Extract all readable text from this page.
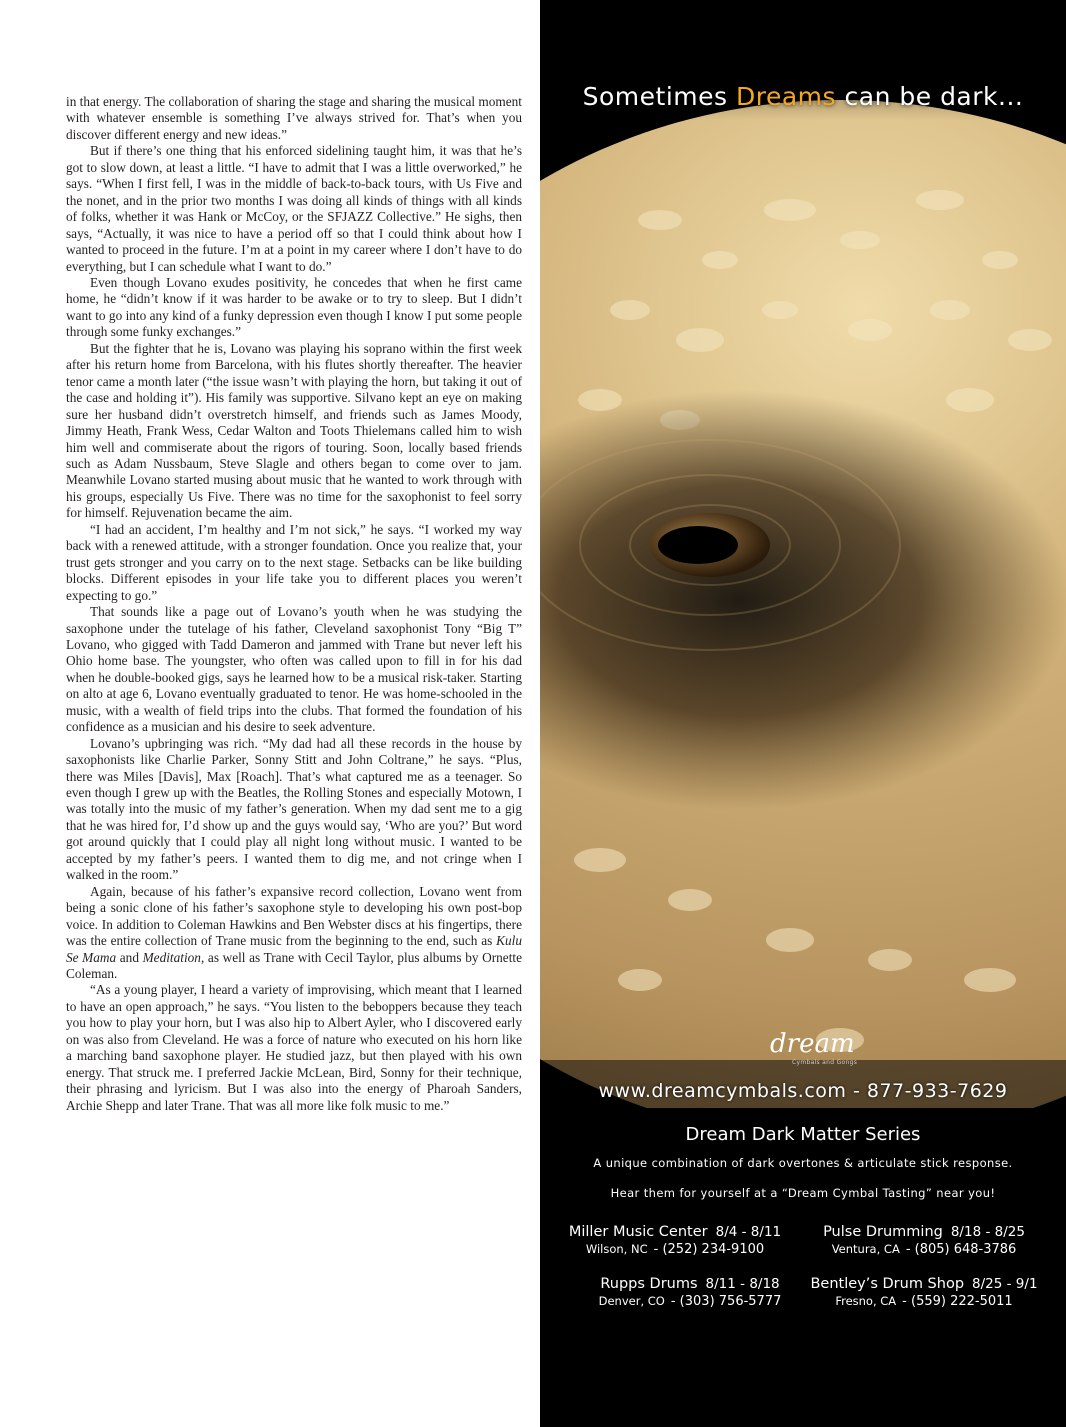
in that energy. The collaboration of sharing the stage and sharing the musical moment with whatever ensemble is something I’ve always strived for. That’s when you discover different energy and new ideas.”

But if there’s one thing that his enforced sidelining taught him, it was that he’s got to slow down, at least a little. “I have to admit that I was a little overworked,” he says. “When I first fell, I was in the middle of back-to-back tours, with Us Five and the nonet, and in the prior two months I was doing all kinds of things with all kinds of folks, whether it was Hank or McCoy, or the SFJAZZ Collective.” He sighs, then says, “Actually, it was nice to have a period off so that I could think about how I wanted to proceed in the future. I’m at a point in my career where I don’t have to do everything, but I can schedule what I want to do.”

Even though Lovano exudes positivity, he concedes that when he first came home, he “didn’t know if it was harder to be awake or to try to sleep. But I didn’t want to go into any kind of a funky depression even though I know I put some people through some funky exchanges.”

But the fighter that he is, Lovano was playing his soprano within the first week after his return home from Barcelona, with his flutes shortly thereafter. The heavier tenor came a month later (“the issue wasn’t with playing the horn, but taking it out of the case and holding it”). His family was supportive. Silvano kept an eye on making sure her husband didn’t overstretch himself, and friends such as James Moody, Jimmy Heath, Frank Wess, Cedar Walton and Toots Thielemans called him to wish him well and commiserate about the rigors of touring. Soon, locally based friends such as Adam Nussbaum, Steve Slagle and others began to come over to jam. Meanwhile Lovano started musing about music that he wanted to work through with his groups, especially Us Five. There was no time for the saxophonist to feel sorry for himself. Rejuvenation became the aim.

“I had an accident, I’m healthy and I’m not sick,” he says. “I worked my way back with a renewed attitude, with a stronger foundation. Once you realize that, your trust gets stronger and you carry on to the next stage. Setbacks can be like building blocks. Different episodes in your life take you to different places you weren’t expecting to go.”

That sounds like a page out of Lovano’s youth when he was studying the saxophone under the tutelage of his father, Cleveland saxophonist Tony “Big T” Lovano, who gigged with Tadd Dameron and jammed with Trane but never left his Ohio home base. The youngster, who often was called upon to fill in for his dad when he double-booked gigs, says he learned how to be a musical risk-taker. Starting on alto at age 6, Lovano eventually graduated to tenor. He was home-schooled in the music, with a wealth of field trips into the clubs. That formed the foundation of his confidence as a musician and his desire to seek adventure.

Lovano’s upbringing was rich. “My dad had all these records in the house by saxophonists like Charlie Parker, Sonny Stitt and John Coltrane,” he says. “Plus, there was Miles [Davis], Max [Roach]. That’s what captured me as a teenager. So even though I grew up with the Beatles, the Rolling Stones and especially Motown, I was totally into the music of my father’s generation. When my dad sent me to a gig that he was hired for, I’d show up and the guys would say, ‘Who are you?’ But word got around quickly that I could play all night long without music. I wanted to be accepted by my father’s peers. I wanted them to dig me, and not cringe when I walked in the room.”

Again, because of his father’s expansive record collection, Lovano went from being a sonic clone of his father’s saxophone style to developing his own post-bop voice. In addition to Coleman Hawkins and Ben Webster discs at his fingertips, there was the entire collection of Trane music from the beginning to the end, such as Kulu Se Mama and Meditation, as well as Trane with Cecil Taylor, plus albums by Ornette Coleman.

“As a young player, I heard a variety of improvising, which meant that I learned to have an open approach,” he says. “You listen to the beboppers because they teach you how to play your horn, but I was also hip to Albert Ayler, who I discovered early on was also from Cleveland. He was a force of nature who executed on his horn like a marching band saxophone player. He studied jazz, but then played with his own energy. That struck me. I preferred Jackie McLean, Bird, Sonny for their technique, their phrasing and lyricism. But I was also into the energy of Pharoah Sanders, Archie Shepp and later Trane. That was all more like folk music to me.”

Sometimes Dreams can be dark...
dream
Cymbals and Gongs
www.dreamcymbals.com - 877-933-7629
Dream Dark Matter Series
A unique combination of dark overtones & articulate stick response.
Hear them for yourself at a “Dream Cymbal Tasting” near you!
Miller Music Center 8/4 - 8/11
Wilson, NC - (252) 234-9100
Pulse Drumming 8/18 - 8/25
Ventura, CA - (805) 648-3786
Rupps Drums 8/11 - 8/18
Denver, CO - (303) 756-5777
Bentley’s Drum Shop 8/25 - 9/1
Fresno, CA - (559) 222-5011
